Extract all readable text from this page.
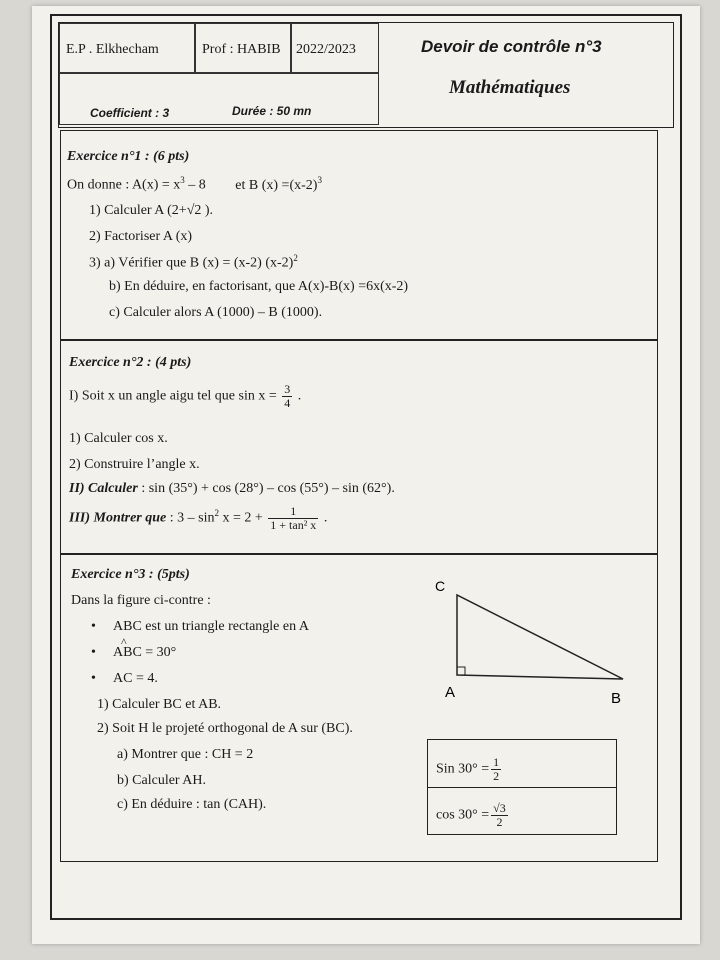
E.P . Elkhecham	Prof : HABIB 2022/2023
Coefficient : 3	Durée : 50 mn
Devoir de contrôle n°3
Mathématiques
Exercice n°1 : (6 pts)
On donne : $A(x) = x^3 - 8$ et B $(x) =(x-2)^3$
1) Calculer A (2+√2 ).
2) Factoriser A (x)
3) a) Vérifier que B (x) = (x-2) $(x-2)^2$
b) En déduire, en factorisant, que A(x)-B(x) =6x(x-2)
c) Calculer alors A (1000) – B (1000).
Exercice n°2 : (4 pts)
I) Soit x un angle aigu tel que $\sin x = \frac{3}{4}$ .
1) Calculer cos x.
2) Construire l’angle x.
II) Calculer : sin (35°) + cos (28°) – cos (55°) – sin (62°).
III) Montrer que : $3 - \sin^2 x = 2 + \frac{1}{\text{1 + tan² x}}$ .
Exercice n°3 : (5pts)
Dans la figure ci-contre :
• ABC est un triangle rectangle en A
•
^
ABC = 30°
• AC = 4.
1) Calculer BC et AB.
2) Soit H le projeté orthogonal de A sur (BC).
a) Montrer que : CH = 2
b) Calculer AH.
c) En déduire : tan (CAH).
C
A	B
Sin $30^\circ = \frac{1}{2}$
$\cos 30^\circ = \frac{√3}{2}$
